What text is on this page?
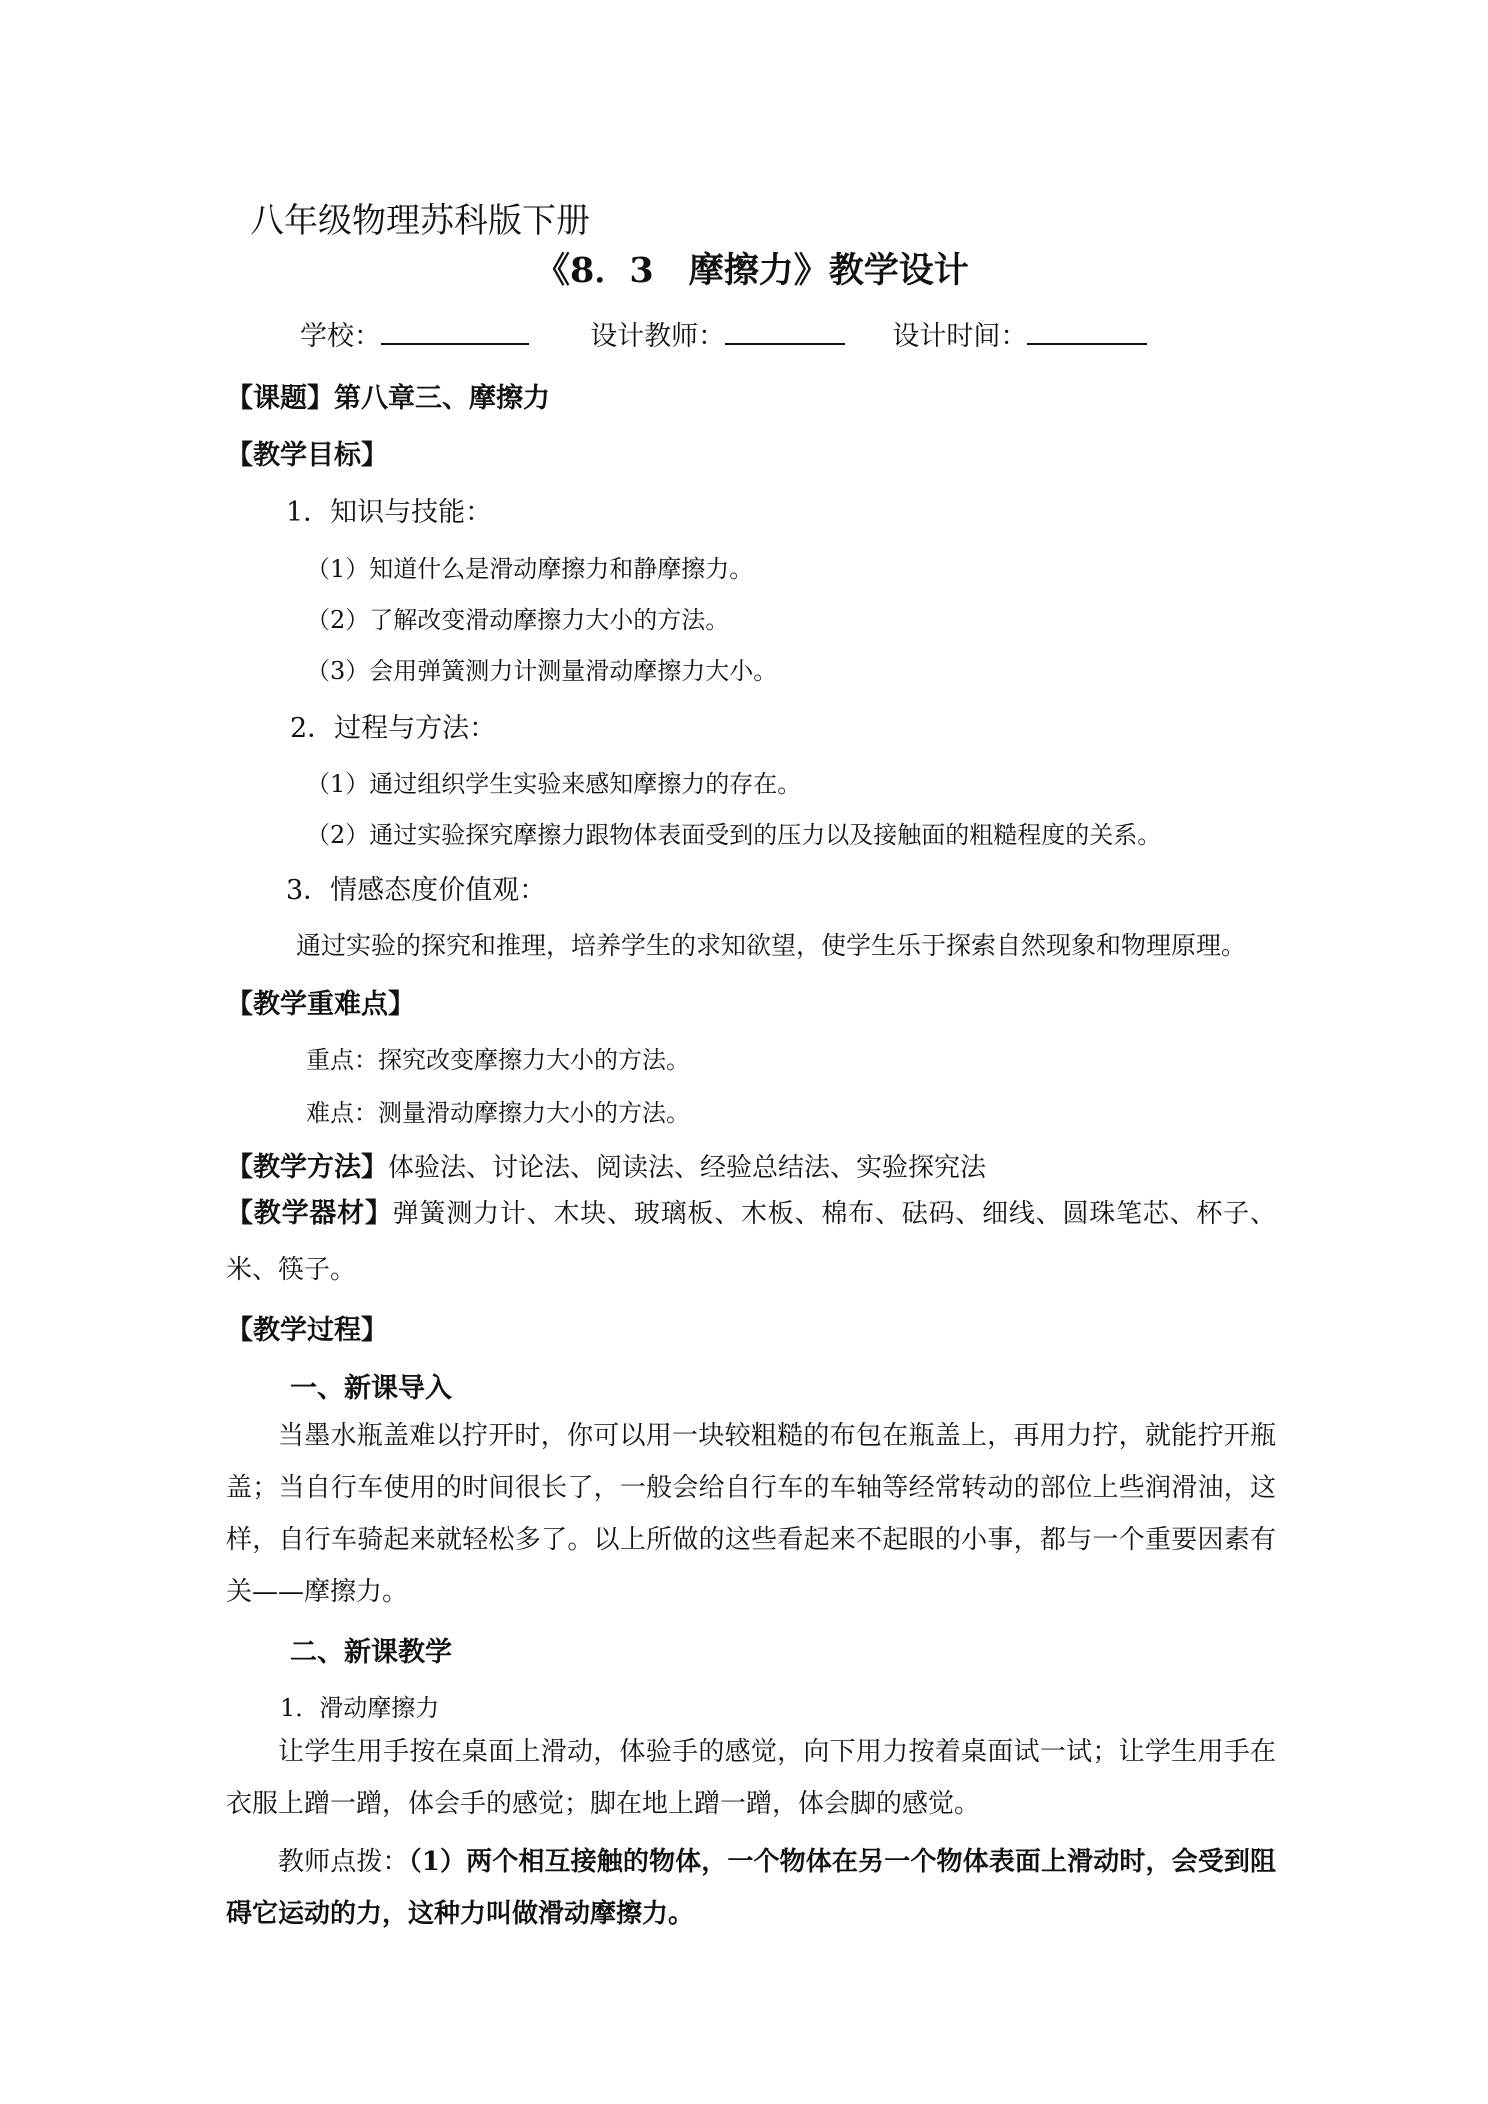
八年级物理苏科版下册
《8．3　摩擦力》教学设计
学校：	设计教师：	设计时间：
【课题】第八章三、摩擦力
【教学目标】
1．知识与技能：
（1）知道什么是滑动摩擦力和静摩擦力。
（2）了解改变滑动摩擦力大小的方法。
（3）会用弹簧测力计测量滑动摩擦力大小。
2．过程与方法：
（1）通过组织学生实验来感知摩擦力的存在。
（2）通过实验探究摩擦力跟物体表面受到的压力以及接触面的粗糙程度的关系。
3．情感态度价值观：
通过实验的探究和推理，培养学生的求知欲望，使学生乐于探索自然现象和物理原理。
【教学重难点】
重点：探究改变摩擦力大小的方法。
难点：测量滑动摩擦力大小的方法。
【教学方法】体验法、讨论法、阅读法、经验总结法、实验探究法

【教学器材】弹簧测力计、木块、玻璃板、木板、棉布、砝码、细线、圆珠笔芯、杯子、米、筷子。

【教学过程】
一、新课导入

当墨水瓶盖难以拧开时，你可以用一块较粗糙的布包在瓶盖上，再用力拧，就能拧开瓶盖；当自行车使用的时间很长了，一般会给自行车的车轴等经常转动的部位上些润滑油，这样，自行车骑起来就轻松多了。以上所做的这些看起来不起眼的小事，都与一个重要因素有关——摩擦力。

二、新课教学
1．滑动摩擦力

让学生用手按在桌面上滑动，体验手的感觉，向下用力按着桌面试一试；让学生用手在衣服上蹭一蹭，体会手的感觉；脚在地上蹭一蹭，体会脚的感觉。

教师点拨：（1）两个相互接触的物体，一个物体在另一个物体表面上滑动时，会受到阻碍它运动的力，这种力叫做滑动摩擦力。
